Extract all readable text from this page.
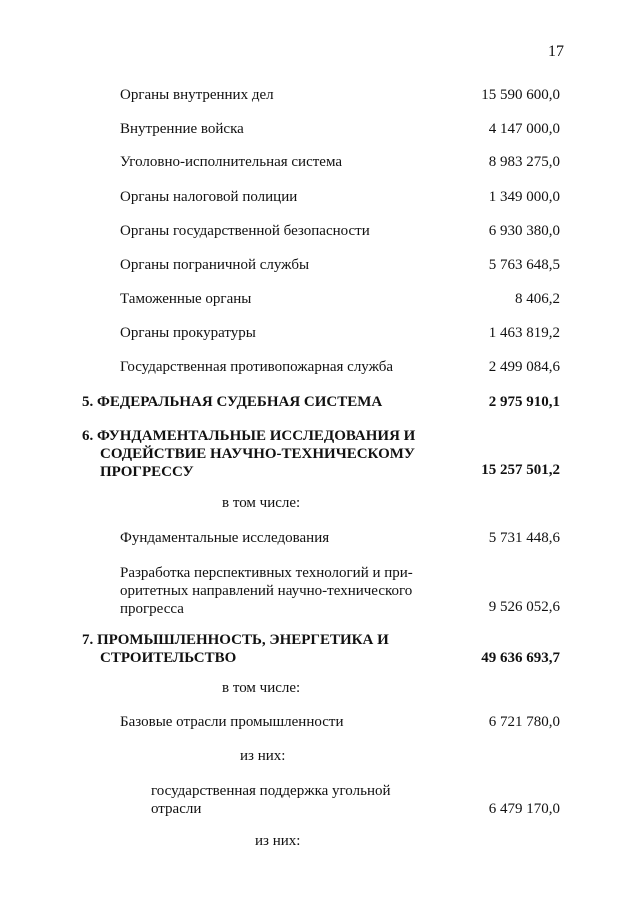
17
Органы внутренних дел	15 590 600,0
Внутренние войска	4 147 000,0
Уголовно-исполнительная система	8 983 275,0
Органы налоговой полиции	1 349 000,0
Органы государственной безопасности	6 930 380,0
Органы пограничной службы	5 763 648,5
Таможенные органы	8 406,2
Органы прокуратуры	1 463 819,2
Государственная противопожарная служба	2 499 084,6
5. ФЕДЕРАЛЬНАЯ СУДЕБНАЯ СИСТЕМА	2 975 910,1
6. ФУНДАМЕНТАЛЬНЫЕ ИССЛЕДОВАНИЯ И
СОДЕЙСТВИЕ НАУЧНО-ТЕХНИЧЕСКОМУ
ПРОГРЕССУ	15 257 501,2
в том числе:
Фундаментальные исследования	5 731 448,6
Разработка перспективных технологий и при-
оритетных направлений научно-технического
прогресса	9 526 052,6
7. ПРОМЫШЛЕННОСТЬ, ЭНЕРГЕТИКА И
СТРОИТЕЛЬСТВО	49 636 693,7
в том числе:
Базовые отрасли промышленности	6 721 780,0
из них:
государственная поддержка угольной
отрасли	6 479 170,0
из них:
